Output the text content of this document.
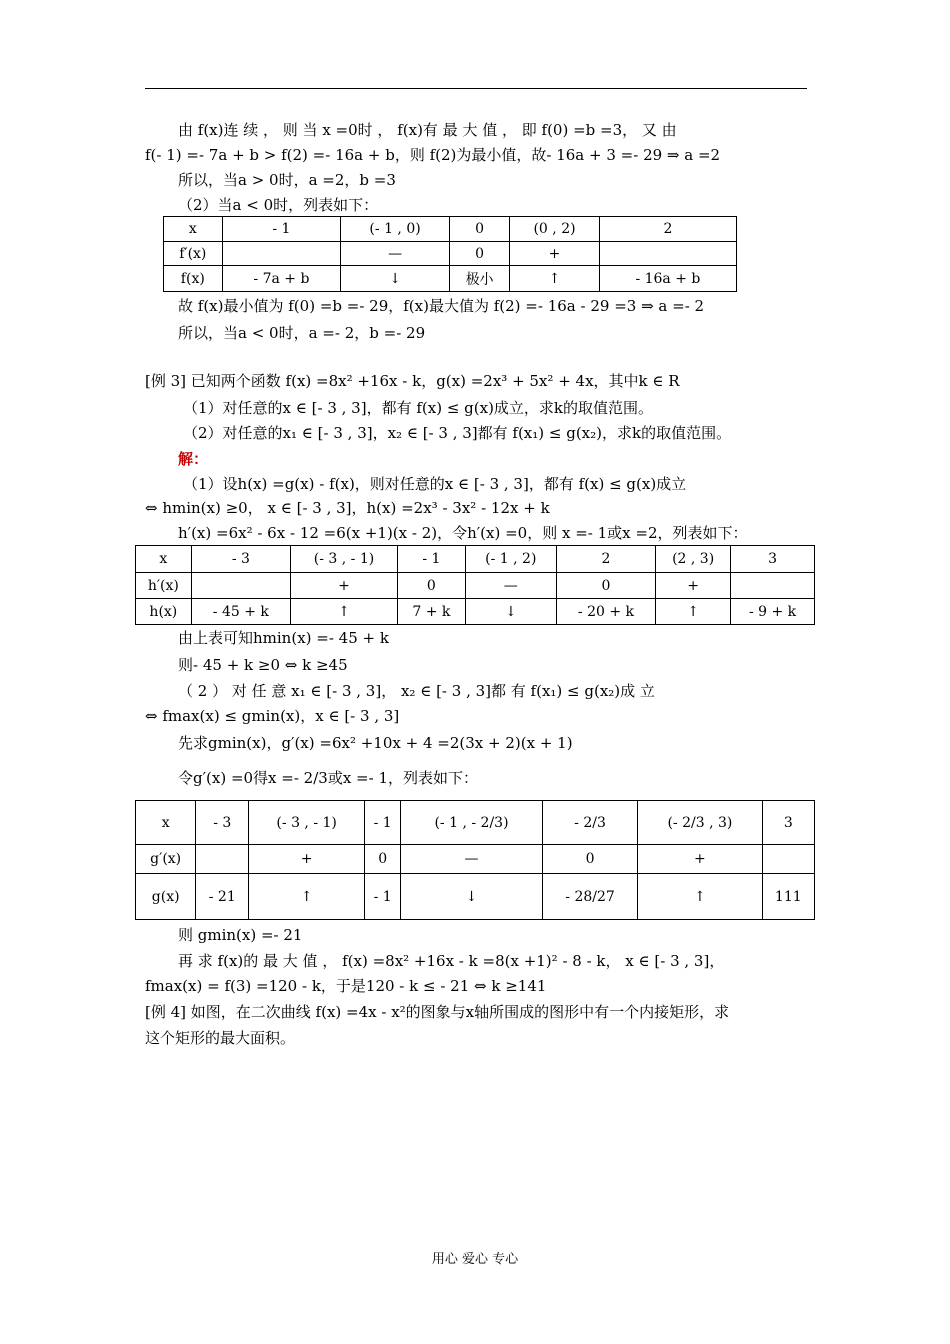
由 f(x)连 续 ， 则 当 x =0时 ， f(x)有 最 大 值 ， 即 f(0) =b =3， 又 由
f(- 1) =- 7a + b > f(2) =- 16a + b，则 f(2)为最小值，故- 16a + 3 =- 29 ⇒ a =2
所以，当a > 0时，a =2，b =3
（2）当a < 0时，列表如下：
x	- 1	(- 1 , 0)	0	(0 , 2)	2
f′(x)		—	0	+	
f(x)	- 7a + b	↓	极小	↑	- 16a + b
故 f(x)最小值为 f(0) =b =- 29，f(x)最大值为 f(2) =- 16a - 29 =3 ⇒ a =- 2
所以，当a < 0时，a =- 2，b =- 29
[例 3] 已知两个函数 f(x) =8x² +16x - k，g(x) =2x³ + 5x² + 4x，其中k ∈ R
（1）对任意的x ∈ [- 3 , 3]，都有 f(x) ≤ g(x)成立，求k的取值范围。
（2）对任意的x₁ ∈ [- 3 , 3]，x₂ ∈ [- 3 , 3]都有 f(x₁) ≤ g(x₂)，求k的取值范围。
解：
（1）设h(x) =g(x) - f(x)，则对任意的x ∈ [- 3 , 3]，都有 f(x) ≤ g(x)成立
⇔ hmin(x) ≥0， x ∈ [- 3 , 3]，h(x) =2x³ - 3x² - 12x + k
h′(x) =6x² - 6x - 12 =6(x +1)(x - 2)，令h′(x) =0，则 x =- 1或x =2，列表如下：
x	- 3	(- 3 , - 1)	- 1	(- 1 , 2)	2	(2 , 3)	3
h′(x)		+	0	—	0	+	
h(x)	- 45 + k	↑	7 + k	↓	- 20 + k	↑	- 9 + k
由上表可知hmin(x) =- 45 + k
则- 45 + k ≥0 ⇔ k ≥45
（ 2 ） 对 任 意 x₁ ∈ [- 3 , 3]， x₂ ∈ [- 3 , 3]都 有 f(x₁) ≤ g(x₂)成 立
⇔ fmax(x) ≤ gmin(x)，x ∈ [- 3 , 3]
先求gmin(x)，g′(x) =6x² +10x + 4 =2(3x + 2)(x + 1)
令g′(x) =0得x =- 2/3或x =- 1，列表如下：
x	- 3	(- 3 , - 1)	- 1	(- 1 , - 2/3)	- 2/3	(- 2/3 , 3)	3
g′(x)		+	0	—	0	+	
g(x)	- 21	↑	- 1	↓	- 28/27	↑	111
则 gmin(x) =- 21
再 求 f(x)的 最 大 值 ， f(x) =8x² +16x - k =8(x +1)² - 8 - k， x ∈ [- 3 , 3]，
fmax(x) = f(3) =120 - k，于是120 - k ≤ - 21 ⇔ k ≥141
[例 4] 如图，在二次曲线 f(x) =4x - x²的图象与x轴所围成的图形中有一个内接矩形，求
这个矩形的最大面积。
用心 爱心 专心
